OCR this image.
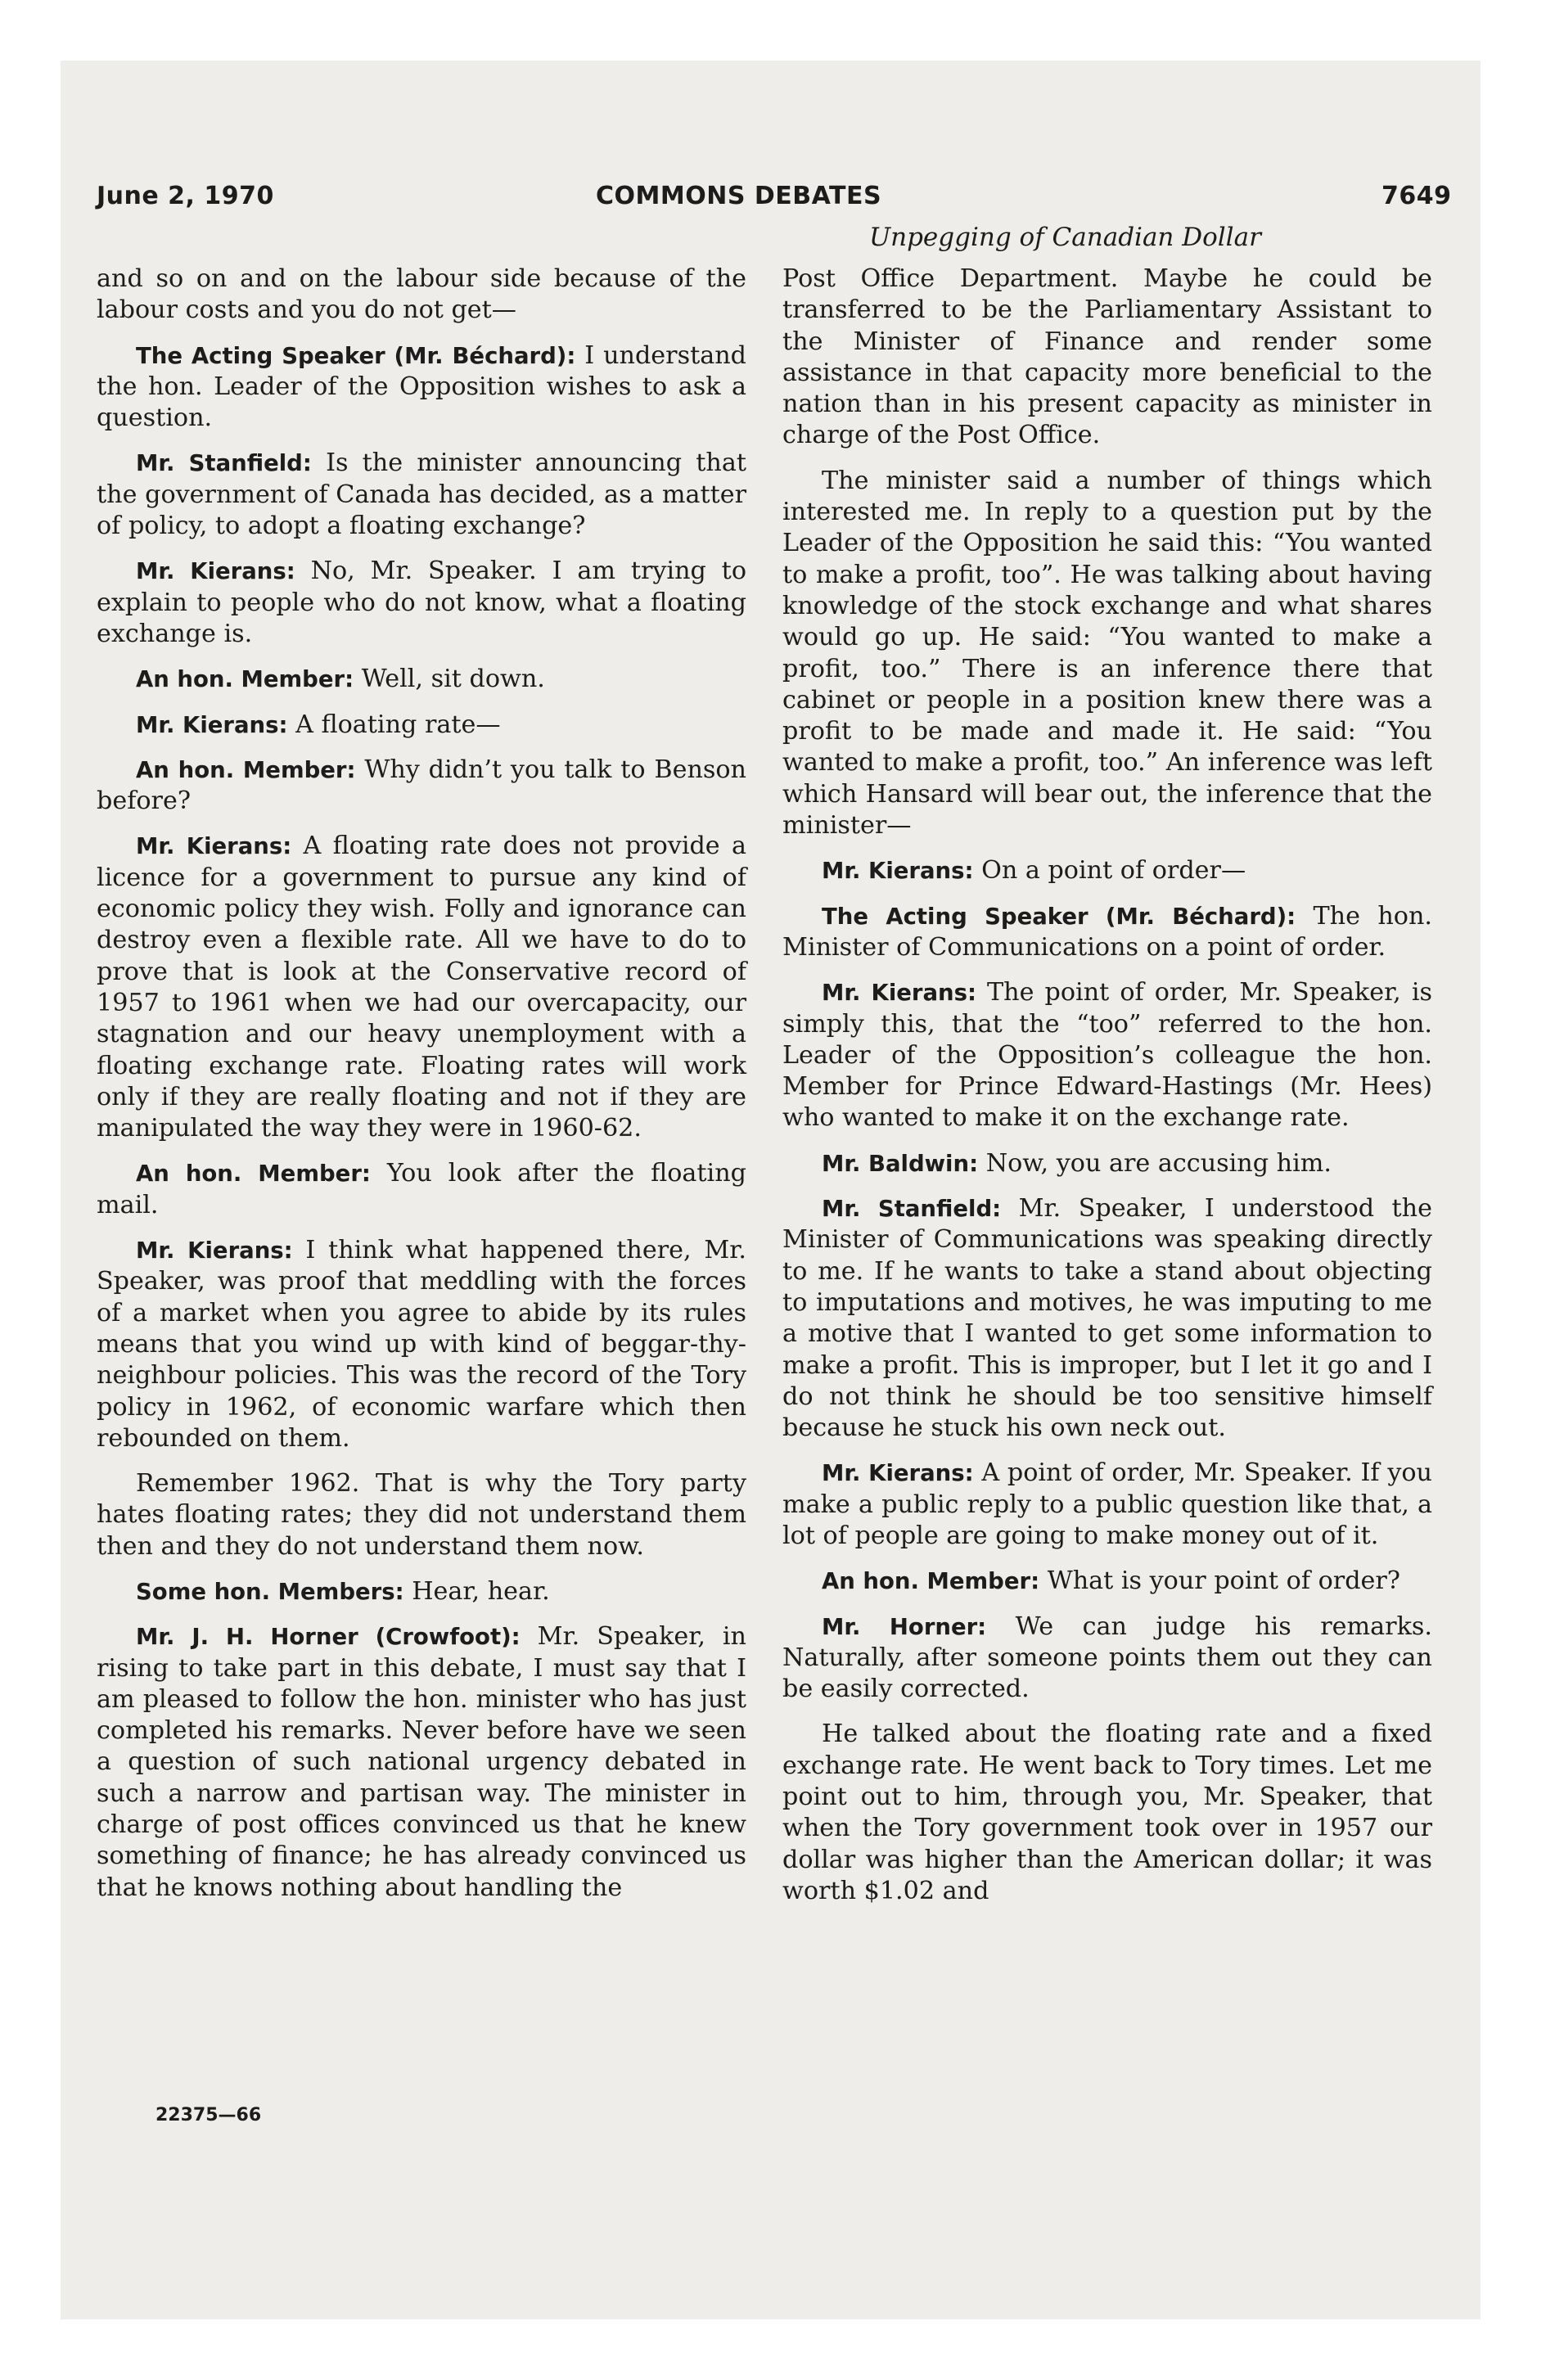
June 2, 1970	COMMONS DEBATES	7649
Unpegging of Canadian Dollar

and so on and on the labour side because of the labour costs and you do not get—

The Acting Speaker (Mr. Béchard): I understand the hon. Leader of the Opposition wishes to ask a question.

Mr. Stanfield: Is the minister announcing that the government of Canada has decided, as a matter of policy, to adopt a floating exchange?

Mr. Kierans: No, Mr. Speaker. I am trying to explain to people who do not know, what a floating exchange is.

An hon. Member: Well, sit down.

Mr. Kierans: A floating rate—

An hon. Member: Why didn’t you talk to Benson before?

Mr. Kierans: A floating rate does not provide a licence for a government to pursue any kind of economic policy they wish. Folly and ignorance can destroy even a flexible rate. All we have to do to prove that is look at the Conservative record of 1957 to 1961 when we had our overcapacity, our stagnation and our heavy unemployment with a floating exchange rate. Floating rates will work only if they are really floating and not if they are manipulated the way they were in 1960-62.

An hon. Member: You look after the floating mail.

Mr. Kierans: I think what happened there, Mr. Speaker, was proof that meddling with the forces of a market when you agree to abide by its rules means that you wind up with kind of beggar-thy-neighbour policies. This was the record of the Tory policy in 1962, of economic warfare which then rebounded on them.

Remember 1962. That is why the Tory party hates floating rates; they did not understand them then and they do not understand them now.

Some hon. Members: Hear, hear.

Mr. J. H. Horner (Crowfoot): Mr. Speaker, in rising to take part in this debate, I must say that I am pleased to follow the hon. minister who has just completed his remarks. Never before have we seen a question of such national urgency debated in such a narrow and partisan way. The minister in charge of post offices convinced us that he knew something of finance; he has already convinced us that he knows nothing about handling the

Post Office Department. Maybe he could be transferred to be the Parliamentary Assistant to the Minister of Finance and render some assistance in that capacity more beneficial to the nation than in his present capacity as minister in charge of the Post Office.

The minister said a number of things which interested me. In reply to a question put by the Leader of the Opposition he said this: “You wanted to make a profit, too”. He was talking about having knowledge of the stock exchange and what shares would go up. He said: “You wanted to make a profit, too.” There is an inference there that cabinet or people in a position knew there was a profit to be made and made it. He said: “You wanted to make a profit, too.” An inference was left which Hansard will bear out, the inference that the minister—

Mr. Kierans: On a point of order—

The Acting Speaker (Mr. Béchard): The hon. Minister of Communications on a point of order.

Mr. Kierans: The point of order, Mr. Speaker, is simply this, that the “too” referred to the hon. Leader of the Opposition’s colleague the hon. Member for Prince Edward-Hastings (Mr. Hees) who wanted to make it on the exchange rate.

Mr. Baldwin: Now, you are accusing him.

Mr. Stanfield: Mr. Speaker, I understood the Minister of Communications was speaking directly to me. If he wants to take a stand about objecting to imputations and motives, he was imputing to me a motive that I wanted to get some information to make a profit. This is improper, but I let it go and I do not think he should be too sensitive himself because he stuck his own neck out.

Mr. Kierans: A point of order, Mr. Speaker. If you make a public reply to a public question like that, a lot of people are going to make money out of it.

An hon. Member: What is your point of order?

Mr. Horner: We can judge his remarks. Naturally, after someone points them out they can be easily corrected.

He talked about the floating rate and a fixed exchange rate. He went back to Tory times. Let me point out to him, through you, Mr. Speaker, that when the Tory government took over in 1957 our dollar was higher than the American dollar; it was worth $1.02 and

22375—66
